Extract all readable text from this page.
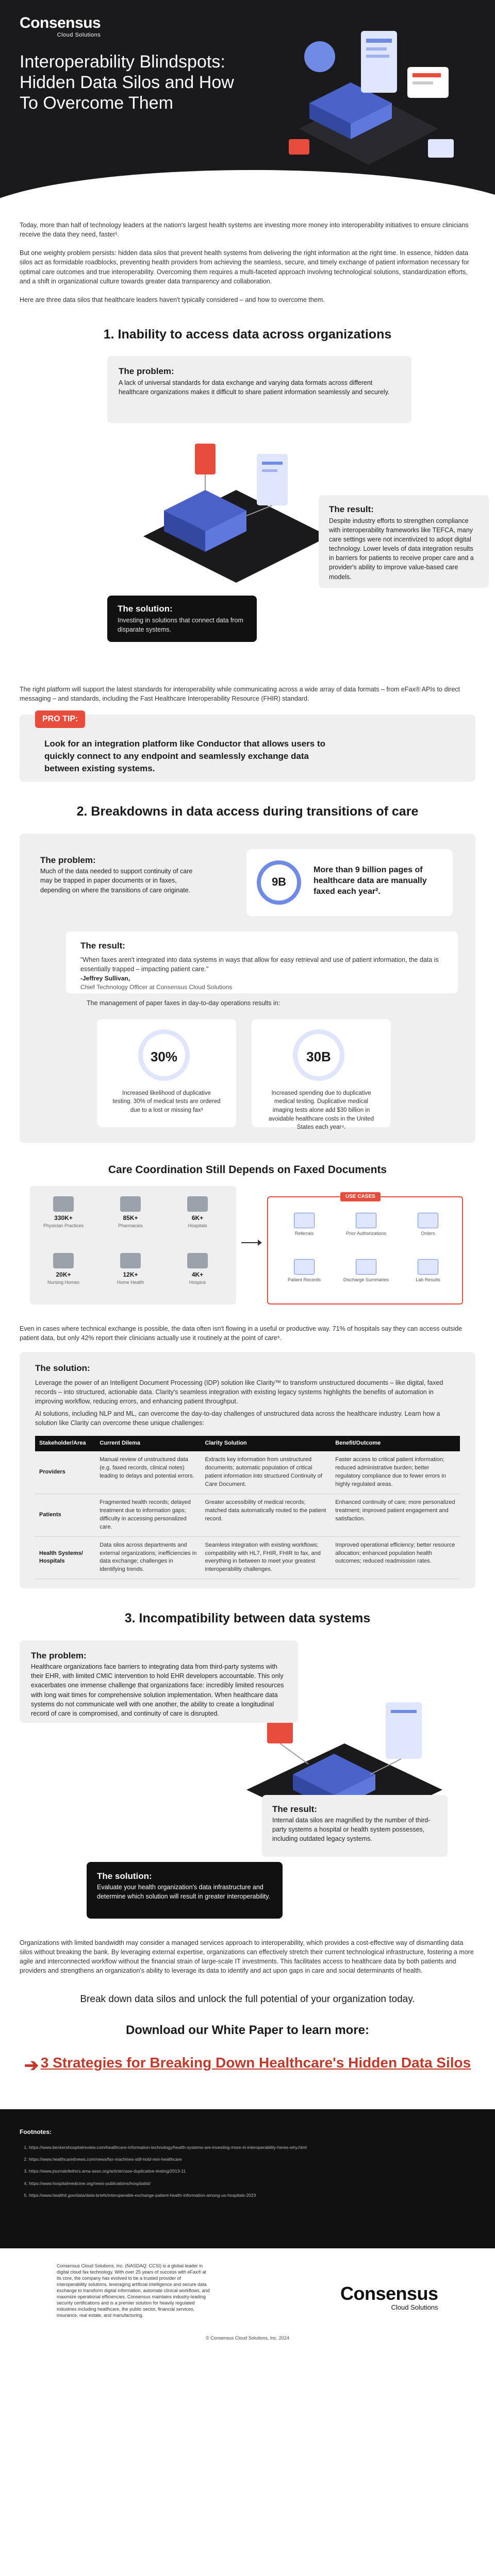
Consensus
Cloud Solutions
Interoperability Blindspots: Hidden Data Silos and How To Overcome Them

Today, more than half of technology leaders at the nation's largest health systems are investing more money into interoperability initiatives to ensure clinicians receive the data they need, faster¹.

But one weighty problem persists: hidden data silos that prevent health systems from delivering the right information at the right time. In essence, hidden data silos act as formidable roadblocks, preventing health providers from achieving the seamless, secure, and timely exchange of patient information necessary for optimal care outcomes and true interoperability. Overcoming them requires a multi-faceted approach involving technological solutions, standardization efforts, and a shift in organizational culture towards greater data transparency and collaboration.

Here are three data silos that healthcare leaders haven't typically considered – and how to overcome them.

1. Inability to access data across organizations
The problem:
A lack of universal standards for data exchange and varying data formats across different healthcare organizations makes it difficult to share patient information seamlessly and securely.
The result:
Despite industry efforts to strengthen compliance with interoperability frameworks like TEFCA, many care settings were not incentivized to adopt digital technology. Lower levels of data integration results in barriers for patients to receive proper care and a provider's ability to improve value-based care models.
The solution:
Investing in solutions that connect data from disparate systems.

The right platform will support the latest standards for interoperability while communicating across a wide array of data formats – from eFax® APIs to direct messaging – and standards, including the Fast Healthcare Interoperability Resource (FHIR) standard.

PRO TIP:
Look for an integration platform like Conductor that allows users to quickly connect to any endpoint and seamlessly exchange data between existing systems.
2. Breakdowns in data access during transitions of care
The problem:
Much of the data needed to support continuity of care may be trapped in paper documents or in faxes, depending on where the transitions of care originate.
9B
More than 9 billion pages of healthcare data are manually faxed each year².
The result:
"When faxes aren't integrated into data systems in ways that allow for easy retrieval and use of patient information, the data is essentially trapped – impacting patient care."
-Jeffrey Sullivan,
Chief Technology Officer at Consensus Cloud Solutions
The management of paper faxes in day-to-day operations results in:
30%
Increased likelihood of duplicative testing. 30% of medical tests are ordered due to a lost or missing fax³
30B
Increased spending due to duplicative medical testing. Duplicative medical imaging tests alone add $30 billion in avoidable healthcare costs in the United States each year⁴.
Care Coordination Still Depends on Faxed Documents
330K+
Physician Practices
85K+
Pharmacies
6K+
Hospitals
20K+
Nursing Homes
12K+
Home Health
4K+
Hospice
USE CASES
Referrals	Prior Authorizations	Orders
Patient Records	Discharge Summaries	Lab Results

Even in cases where technical exchange is possible, the data often isn't flowing in a useful or productive way. 71% of hospitals say they can access outside patient data, but only 42% report their clinicians actually use it routinely at the point of care⁵.

The solution:

Leverage the power of an Intelligent Document Processing (IDP) solution like Clarity™ to transform unstructured documents – like digital, faxed records – into structured, actionable data. Clarity's seamless integration with existing legacy systems highlights the benefits of automation in improving workflow, reducing errors, and enhancing patient throughput.

AI solutions, including NLP and ML, can overcome the day-to-day challenges of unstructured data across the healthcare industry. Learn how a solution like Clarity can overcome these unique challenges:

Stakeholder/Area	Current Dilema	Clarity Solution	Benefit/Outcome
Providers	Manual review of unstructured data (e.g. faxed records, clinical notes) leading to delays and potential errors.	Extracts key information from unstructured documents; automatic population of critical patient information into structured Continuity of Care Document.	Faster access to critical patient information; reduced administrative burden; better regulatory compliance due to fewer errors in highly regulated areas.
Patients	Fragmented health records; delayed treatment due to information gaps; difficulty in accessing personalized care.	Greater accessibility of medical records; matched data automatically routed to the patient record.	Enhanced continuity of care; more personalized treatment; improved patient engagement and satisfaction.
Health Systems/ Hospitals	Data silos across departments and external organizations; inefficiencies in data exchange; challenges in identifying trends.	Seamless integration with existing workflows; compatibility with HL7, FHIR, FHIR to fax, and everything in between to meet your greatest interoperability challenges.	Improved operational efficiency; better resource allocation; enhanced population health outcomes; reduced readmission rates.
3. Incompatibility between data systems
The problem:
Healthcare organizations face barriers to integrating data from third-party systems with their EHR, with limited CMIC intervention to hold EHR developers accountable. This only exacerbates one immense challenge that organizations face: incredibly limited resources with long wait times for comprehensive solution implementation. When healthcare data systems do not communicate well with one another, the ability to create a longitudinal record of care is compromised, and continuity of care is disrupted.
The result:
Internal data silos are magnified by the number of third-party systems a hospital or health system possesses, including outdated legacy systems.
The solution:
Evaluate your health organization's data infrastructure and determine which solution will result in greater interoperability.

Organizations with limited bandwidth may consider a managed services approach to interoperability, which provides a cost-effective way of dismantling data silos without breaking the bank. By leveraging external expertise, organizations can effectively stretch their current technological infrastructure, fostering a more agile and interconnected workflow without the financial strain of large-scale IT investments. This facilitates access to healthcare data by both patients and providers and strengthens an organization's ability to leverage its data to identify and act upon gaps in care and social determinants of health.

Break down data silos and unlock the full potential of your organization today.
Download our White Paper to learn more:
➔ 3 Strategies for Breaking Down Healthcare's Hidden Data Silos
Footnotes:
1. https://www.beckershospitalreview.com/healthcare-information-technology/health-systems-are-investing-more-in-interoperability-heres-why.html
2. https://www.healthcareitnews.com/news/fax-machines-still-hold-rein-healthcare
3. https://www.journalofethics.ama-assn.org/article/case-duplicative-testing/2013-11
4. https://www.hospitalmedicine.org/news-publications/hospitalist/
5. https://www.healthit.gov/data/data-briefs/interoperable-exchange-patient-health-information-among-us-hospitals-2023
Consensus Cloud Solutions, Inc. (NASDAQ: CCSI) is a global leader in digital cloud fax technology. With over 25 years of success with eFax® at its core, the company has evolved to be a trusted provider of interoperability solutions, leveraging artificial intelligence and secure data exchange to transform digital information, automate clinical workflows, and maximize operational efficiencies. Consensus maintains industry-leading security certifications and is a premier solution for heavily regulated industries including healthcare, the public sector, financial services, insurance, real estate, and manufacturing.
Consensus
Cloud Solutions
© Consensus Cloud Solutions, Inc. 2024
